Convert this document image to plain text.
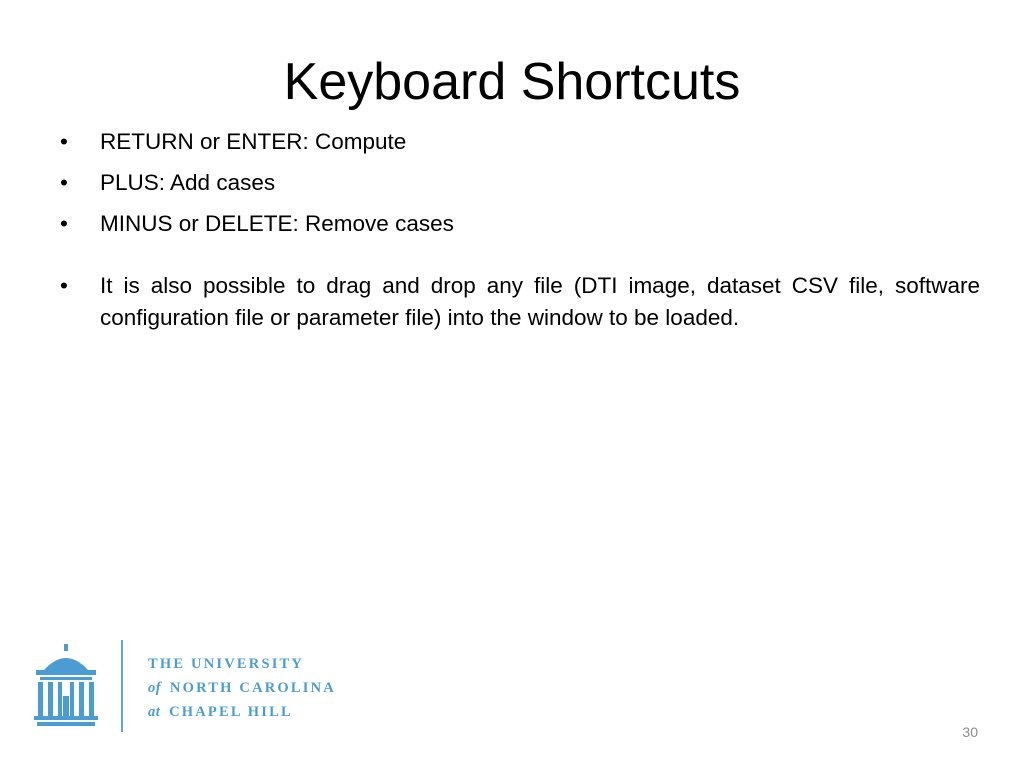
Keyboard Shortcuts
• RETURN or ENTER: Compute
• PLUS: Add cases
• MINUS or DELETE: Remove cases
• It is also possible to drag and drop any file (DTI image, dataset CSV file, software configuration file or parameter file) into the window to be loaded.
THE UNIVERSITY
of NORTH CAROLINA
at CHAPEL HILL
30
